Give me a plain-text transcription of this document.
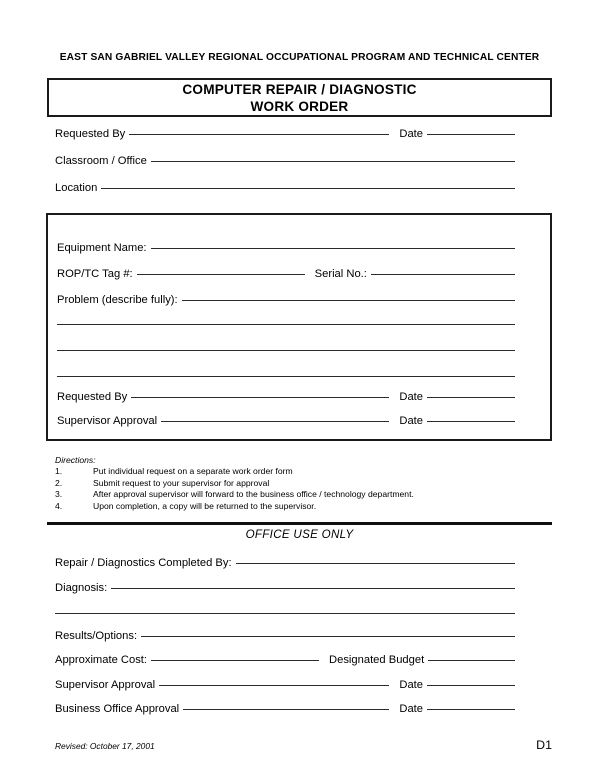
EAST SAN GABRIEL VALLEY REGIONAL OCCUPATIONAL PROGRAM AND TECHNICAL CENTER
COMPUTER REPAIR / DIAGNOSTIC
WORK ORDER
Requested By	Date
Classroom / Office
Location
Equipment Name:
ROP/TC Tag #:	Serial No.:
Problem (describe fully):
Requested By	Date
Supervisor Approval	Date
Directions:
1.	Put individual request on a separate work order form
2.	Submit request to your supervisor for approval
3.	After approval supervisor will forward to the business office / technology department.
4.	Upon completion, a copy will be returned to the supervisor.
OFFICE USE ONLY
Repair / Diagnostics Completed By:
Diagnosis:
Results/Options:
Approximate Cost:	Designated Budget
Supervisor Approval	Date
Business Office Approval	Date
Revised: October 17, 2001	D1
